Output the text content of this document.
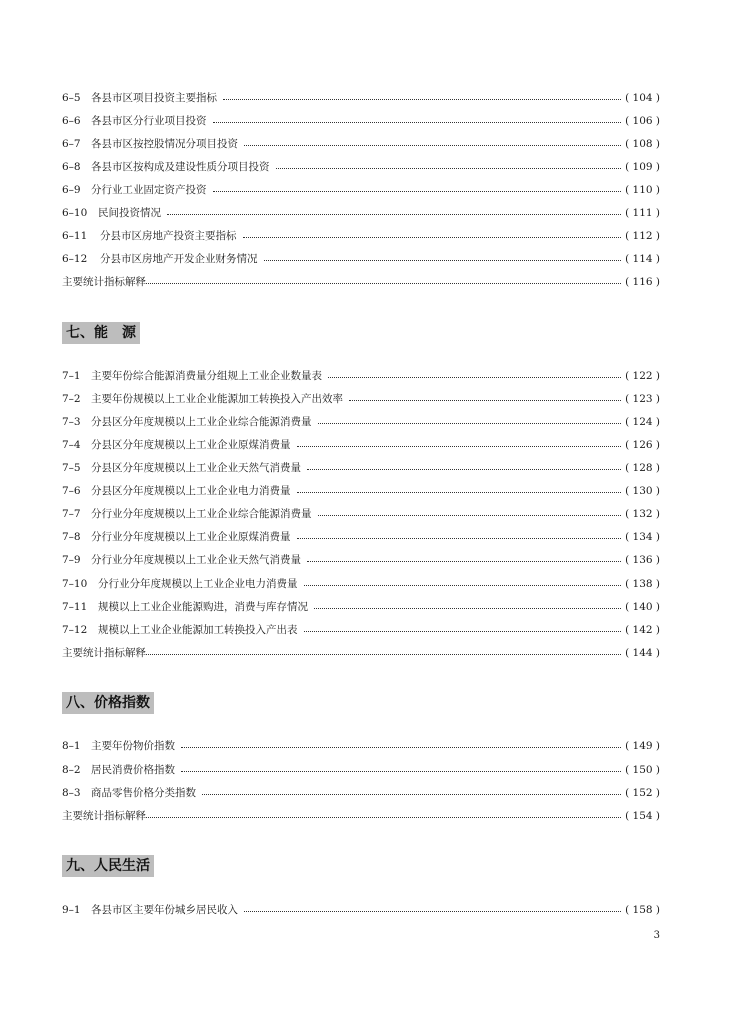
6–5 各县市区项目投资主要指标	( 104 )
6–6 各县市区分行业项目投资	( 106 )
6–7 各县市区按控股情况分项目投资	( 108 )
6–8 各县市区按构成及建设性质分项目投资	( 109 )
6–9 分行业工业固定资产投资	( 110 )
6–10	民间投资情况	( 111 )
6–11	分县市区房地产投资主要指标	( 112 )
6–12	分县市区房地产开发企业财务情况	( 114 )
主要统计指标解释	( 116 )
七、能　源
7–1 主要年份综合能源消费量分组规上工业企业数量表	( 122 )
7–2 主要年份规模以上工业企业能源加工转换投入产出效率	( 123 )
7–3 分县区分年度规模以上工业企业综合能源消费量	( 124 )
7–4 分县区分年度规模以上工业企业原煤消费量	( 126 )
7–5 分县区分年度规模以上工业企业天然气消费量	( 128 )
7–6 分县区分年度规模以上工业企业电力消费量	( 130 )
7–7 分行业分年度规模以上工业企业综合能源消费量	( 132 )
7–8 分行业分年度规模以上工业企业原煤消费量	( 134 )
7–9 分行业分年度规模以上工业企业天然气消费量	( 136 )
7–10	分行业分年度规模以上工业企业电力消费量	( 138 )
7–11	规模以上工业企业能源购进，消费与库存情况	( 140 )
7–12	规模以上工业企业能源加工转换投入产出表	( 142 )
主要统计指标解释	( 144 )
八、价格指数
8–1 主要年份物价指数	( 149 )
8–2 居民消费价格指数	( 150 )
8–3 商品零售价格分类指数	( 152 )
主要统计指标解释	( 154 )
九、人民生活
9–1 各县市区主要年份城乡居民收入	( 158 )
3
